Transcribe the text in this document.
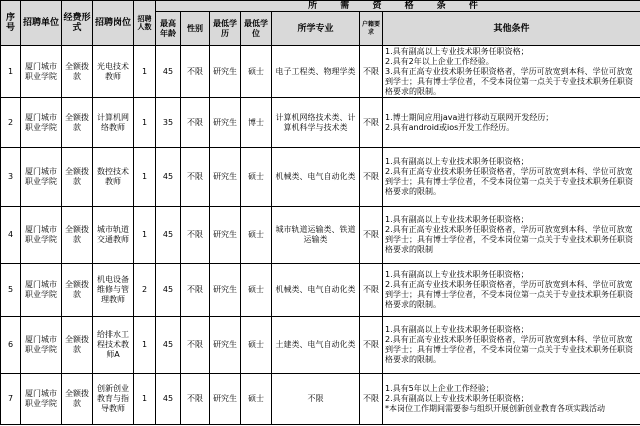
序号	招聘单位	经费形式	招聘岗位	招聘人数	所 需 资 格 条 件						
					最高年龄	性别	最低学历	最低学位	所学专业	户籍要求	其他条件
1	厦门城市职业学院	全额拨款	光电技术教师	1	45	不限	研究生	硕士	电子工程类、物理学类	不限	1.具有副高以上专业技术职务任职资格；
2.具有2年以上企业工作经验。
3.具有正高专业技术职务任职资格者，学历可放宽到本科、学位可放宽到学士；具有博士学位者，不受本岗位第一点关于专业技术职务任职资格要求的限制。

2	厦门城市职业学院	全额拨款	计算机网络教师	1	35	不限	研究生	博士	计算机网络技术类、计算机科学与技术类	不限	1.博士期间应用java进行移动互联网开发经历；
2.具有android或ios开发工作经历。

3	厦门城市职业学院	全额拨款	数控技术教师	1	45	不限	研究生	硕士	机械类、电气自动化类	不限	1.具有副高以上专业技术职务任职资格；
2.具有正高专业技术职务任职资格者，学历可放宽到本科、学位可放宽到学士；具有博士学位者，不受本岗位第一点关于专业技术职务任职资格要求的限制。

4	厦门城市职业学院	全额拨款	城市轨道交通教师	1	45	不限	研究生	硕士	城市轨道运输类、铁道运输类	不限	1.具有副高以上专业技术职务任职资格；
2.具有正高专业技术职务任职资格者，学历可放宽到本科、学位可放宽到学士；具有博士学位者，不受本岗位第一点关于专业技术职务任职资格要求的限制

5	厦门城市职业学院	全额拨款	机电设备维修与管理教师	2	45	不限	研究生	硕士	机械类、电气自动化类	不限	1.具有副高以上专业技术职务任职资格；
2.具有正高专业技术职务任职资格者，学历可放宽到本科、学位可放宽到学士；具有博士学位者，不受本岗位第一点关于专业技术职务任职资格要求的限制。

6	厦门城市职业学院	全额拨款	给排水工程技术教师A	1	45	不限	研究生	硕士	土建类、电气自动化类	不限	1.具有副高以上专业技术职务任职资格；
2.具有正高专业技术职务任职资格者，学历可放宽到本科、学位可放宽到学士；具有博士学位者，不受本岗位第一点关于专业技术职务任职资格要求的限制。

7	厦门城市职业学院	全额拨款	创新创业教育与指导教师	1	45	不限	研究生	硕士	不限	不限	1.具有5年以上企业工作经验；
2.具有副高以上专业技术职务任职资格；
*本岗位工作期间需要参与组织开展创新创业教育各项实践活动
